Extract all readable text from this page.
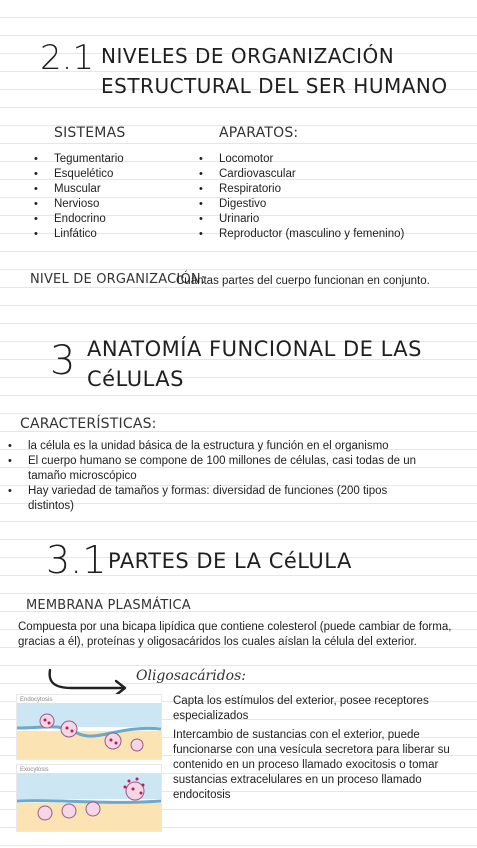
2.1 NIVELES DE ORGANIZACIÓN
ESTRUCTURAL DEL SER HUMANO
SISTEMAS
• Tegumentario
• Esquelético
• Muscular
• Nervioso
• Endocrino
• Linfático
APARATOS:
• Locomotor
• Cardiovascular
• Respiratorio
• Digestivo
• Urinario
• Reproductor (masculino y femenino)
NIVEL DE ORGANIZACIÓN:
Cuántas partes del cuerpo funcionan en conjunto.
3 ANATOMÍA FUNCIONAL DE LAS
CéLULAS
CARACTERÍSTICAS:
• la célula es la unidad básica de la estructura y función en el organismo
• El cuerpo humano se compone de 100 millones de células, casi todas de un tamaño microscópico
• Hay variedad de tamaños y formas: diversidad de funciones (200 tipos distintos)
3.1 PARTES DE LA CéLULA
MEMBRANA PLASMÁTICA
Compuesta por una bicapa lipídica que contiene colesterol (puede cambiar de forma, gracias a él), proteínas y oligosacáridos los cuales aíslan la célula del exterior.
Oligosacáridos:
Endocytosis
Exocytosis
Capta los estímulos del exterior, posee receptores especializados
Intercambio de sustancias con el exterior, puede funcionarse con una vesícula secretora para liberar su contenido en un proceso llamado exocitosis o tomar sustancias extracelulares en un proceso llamado endocitosis
